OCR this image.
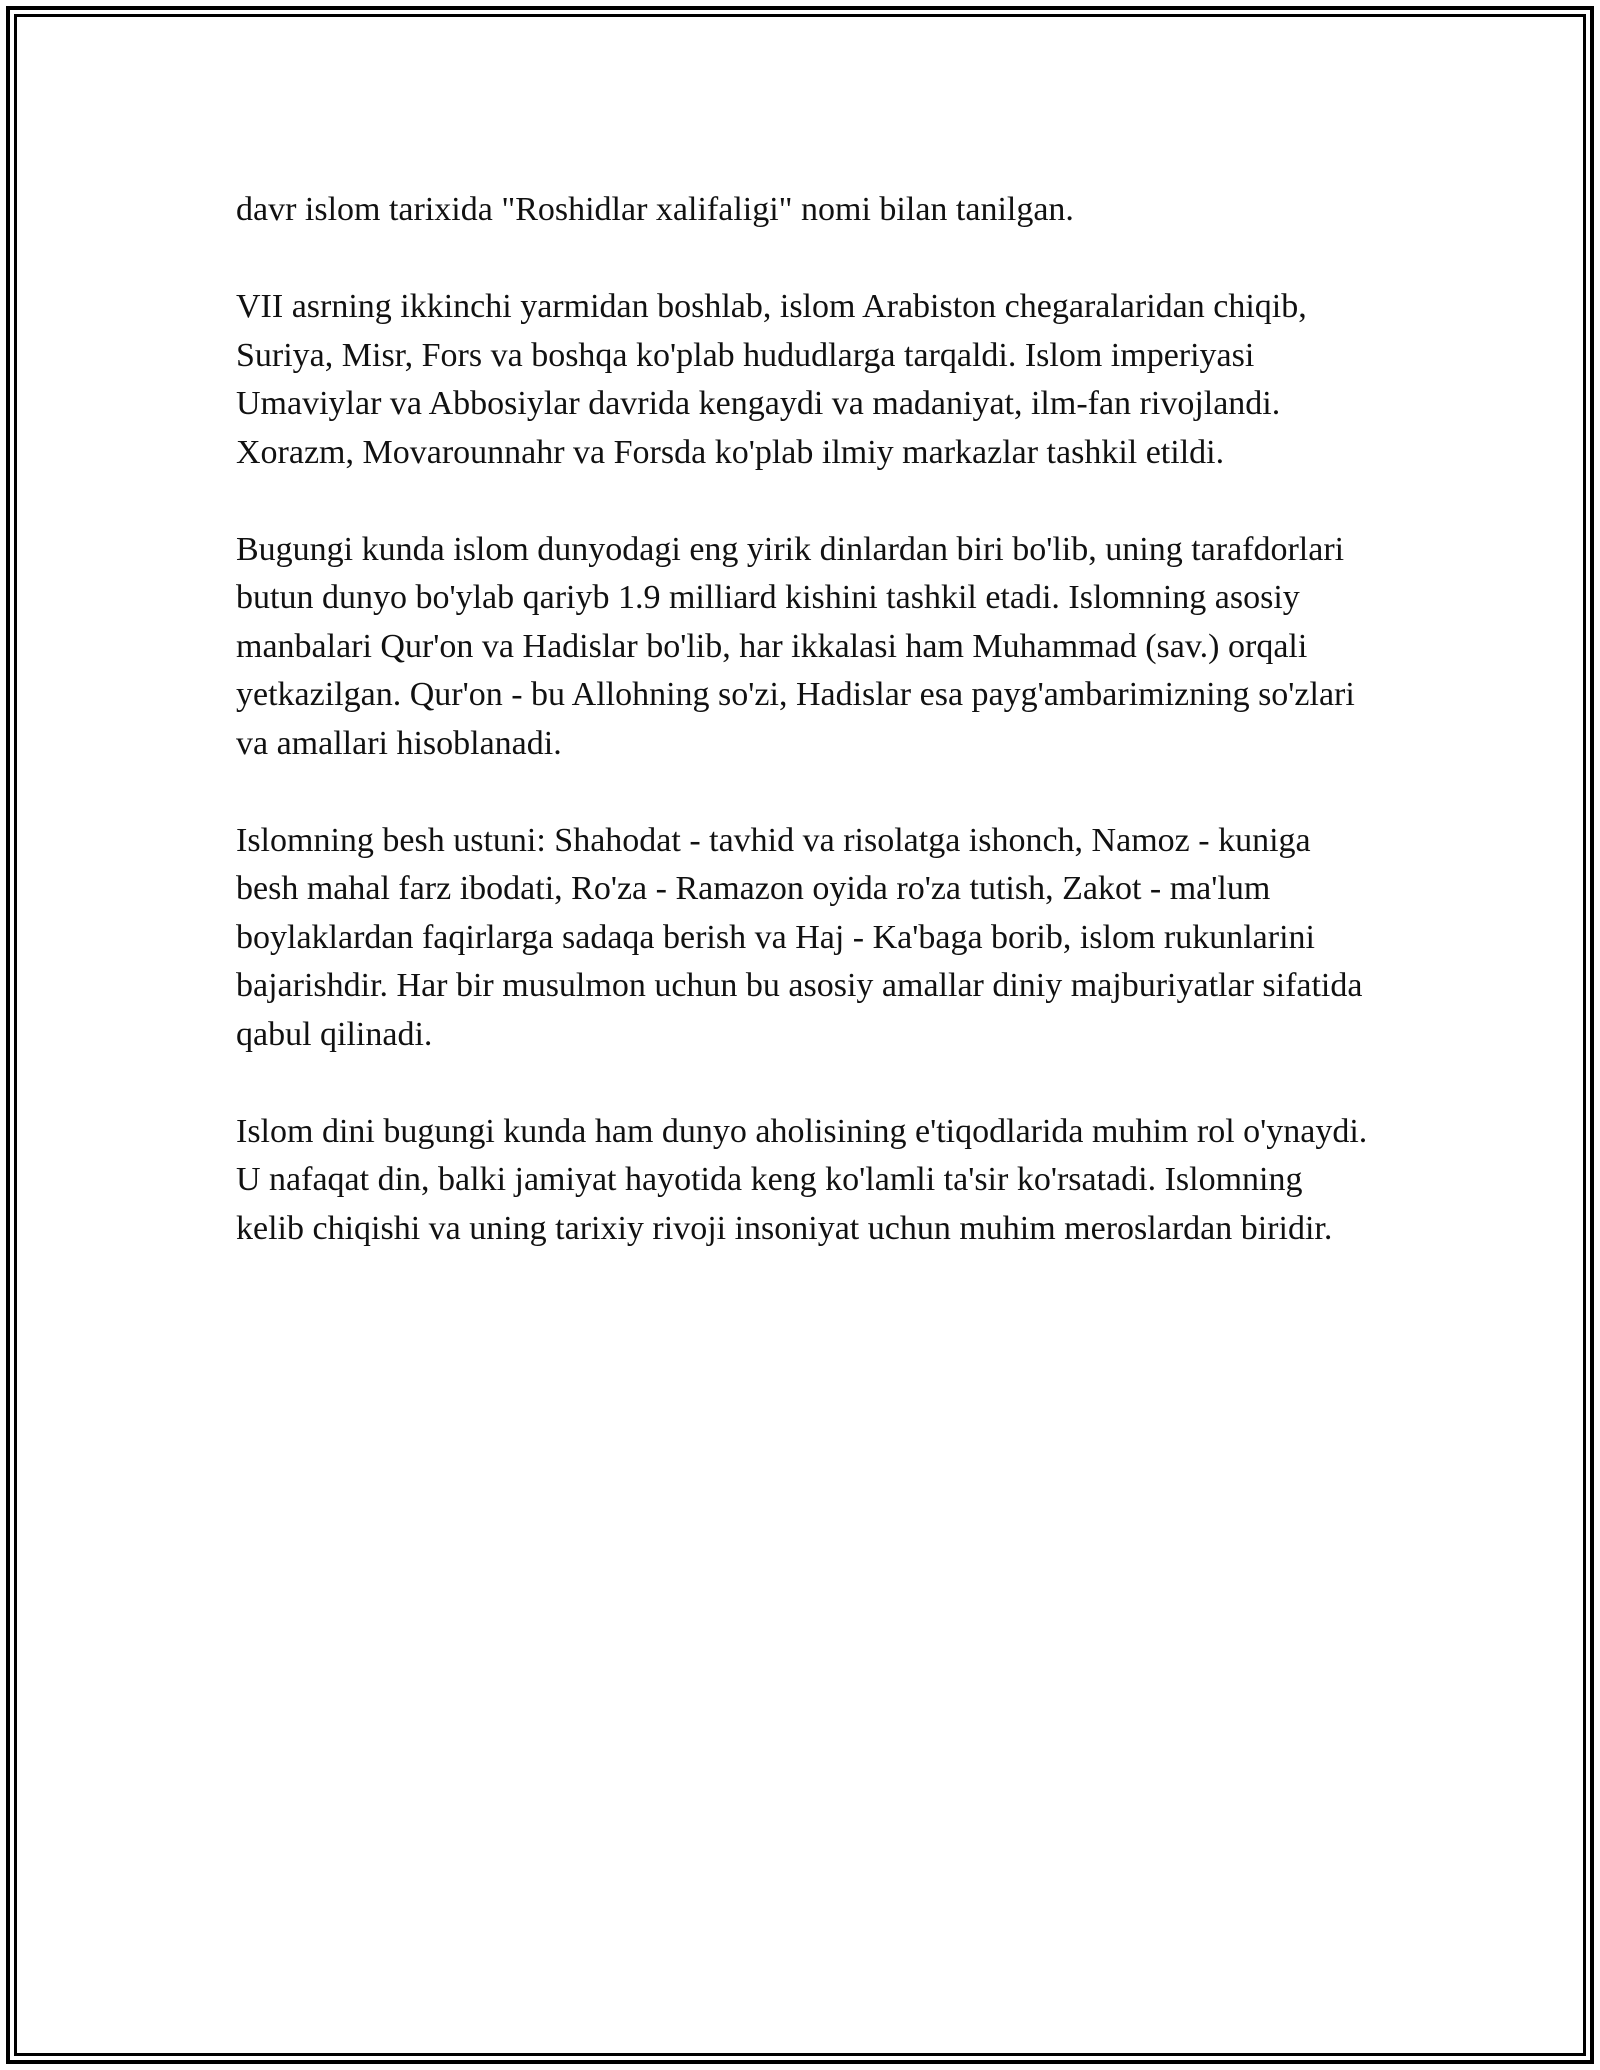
davr islom tarixida "Roshidlar xalifaligi" nomi bilan tanilgan.

VII asrning ikkinchi yarmidan boshlab, islom Arabiston chegaralaridan chiqib, Suriya, Misr, Fors va boshqa ko'plab hududlarga tarqaldi. Islom imperiyasi Umaviylar va Abbosiylar davrida kengaydi va madaniyat, ilm-fan rivojlandi. Xorazm, Movarounnahr va Forsda ko'plab ilmiy markazlar tashkil etildi.

Bugungi kunda islom dunyodagi eng yirik dinlardan biri bo'lib, uning tarafdorlari butun dunyo bo'ylab qariyb 1.9 milliard kishini tashkil etadi. Islomning asosiy manbalari Qur'on va Hadislar bo'lib, har ikkalasi ham Muhammad (sav.) orqali yetkazilgan. Qur'on - bu Allohning so'zi, Hadislar esa payg'ambarimizning so'zlari va amallari hisoblanadi.

Islomning besh ustuni: Shahodat - tavhid va risolatga ishonch, Namoz - kuniga besh mahal farz ibodati, Ro'za - Ramazon oyida ro'za tutish, Zakot - ma'lum boylaklardan faqirlarga sadaqa berish va Haj - Ka'baga borib, islom rukunlarini bajarishdir. Har bir musulmon uchun bu asosiy amallar diniy majburiyatlar sifatida qabul qilinadi.

Islom dini bugungi kunda ham dunyo aholisining e'tiqodlarida muhim rol o'ynaydi. U nafaqat din, balki jamiyat hayotida keng ko'lamli ta'sir ko'rsatadi. Islomning kelib chiqishi va uning tarixiy rivoji insoniyat uchun muhim meroslardan biridir.
